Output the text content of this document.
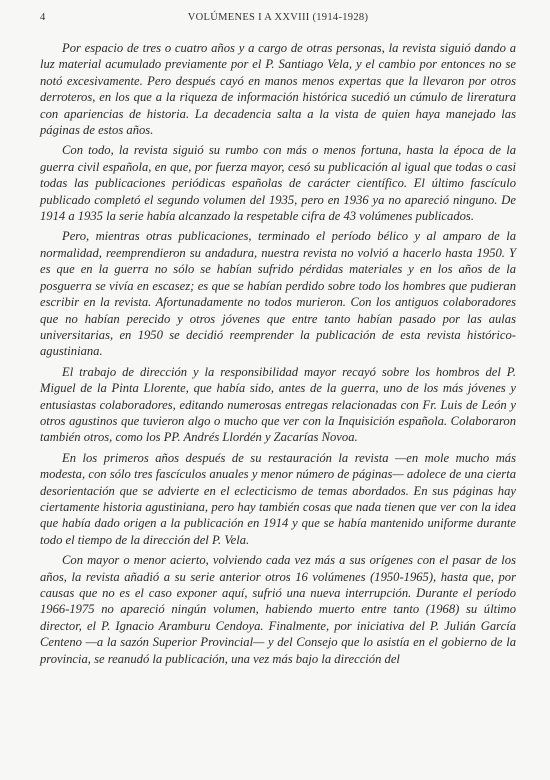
4	VOLÚMENES I A XXVIII (1914-1928)

Por espacio de tres o cuatro años y a cargo de otras personas, la revista siguió dando a luz material acumulado previamente por el P. Santiago Vela, y el cambio por entonces no se notó excesivamente. Pero después cayó en manos menos expertas que la llevaron por otros derroteros, en los que a la riqueza de información histórica sucedió un cúmulo de lireratura con apariencias de historia. La decadencia salta a la vista de quien haya manejado las páginas de estos años.

Con todo, la revista siguió su rumbo con más o menos fortuna, hasta la época de la guerra civil española, en que, por fuerza mayor, cesó su publicación al igual que todas o casi todas las publicaciones periódicas españolas de carácter científico. El último fascículo publicado completó el segundo volumen del 1935, pero en 1936 ya no apareció ninguno. De 1914 a 1935 la serie había alcanzado la respetable cifra de 43 volúmenes publicados.

Pero, mientras otras publicaciones, terminado el período bélico y al amparo de la normalidad, reemprendieron su andadura, nuestra revista no volvió a hacerlo hasta 1950. Y es que en la guerra no sólo se habían sufrido pérdidas materiales y en los años de la posguerra se vivía en escasez; es que se habían perdido sobre todo los hombres que pudieran escribir en la revista. Afortunadamente no todos murieron. Con los antiguos colaboradores que no habían perecido y otros jóvenes que entre tanto habían pasado por las aulas universitarias, en 1950 se decidió reemprender la publicación de esta revista histórico-agustiniana.

El trabajo de dirección y la responsibilidad mayor recayó sobre los hombros del P. Miguel de la Pinta Llorente, que había sido, antes de la guerra, uno de los más jóvenes y entusiastas colaboradores, editando numerosas entregas relacionadas con Fr. Luis de León y otros agustinos que tuvieron algo o mucho que ver con la Inquisición española. Colaboraron también otros, como los PP. Andrés Llordén y Zacarías Novoa.

En los primeros años después de su restauración la revista —en mole mucho más modesta, con sólo tres fascículos anuales y menor número de páginas— adolece de una cierta desorientación que se advierte en el eclecticismo de temas abordados. En sus páginas hay ciertamente historia agustiniana, pero hay también cosas que nada tienen que ver con la idea que había dado origen a la publicación en 1914 y que se había mantenido uniforme durante todo el tiempo de la dirección del P. Vela.

Con mayor o menor acierto, volviendo cada vez más a sus orígenes con el pasar de los años, la revista añadió a su serie anterior otros 16 volúmenes (1950-1965), hasta que, por causas que no es el caso exponer aquí, sufrió una nueva interrupción. Durante el período 1966-1975 no apareció ningún volumen, habiendo muerto entre tanto (1968) su último director, el P. Ignacio Aramburu Cendoya. Finalmente, por iniciativa del P. Julián García Centeno —a la sazón Superior Provincial— y del Consejo que lo asistía en el gobierno de la provincia, se reanudó la publicación, una vez más bajo la dirección del
